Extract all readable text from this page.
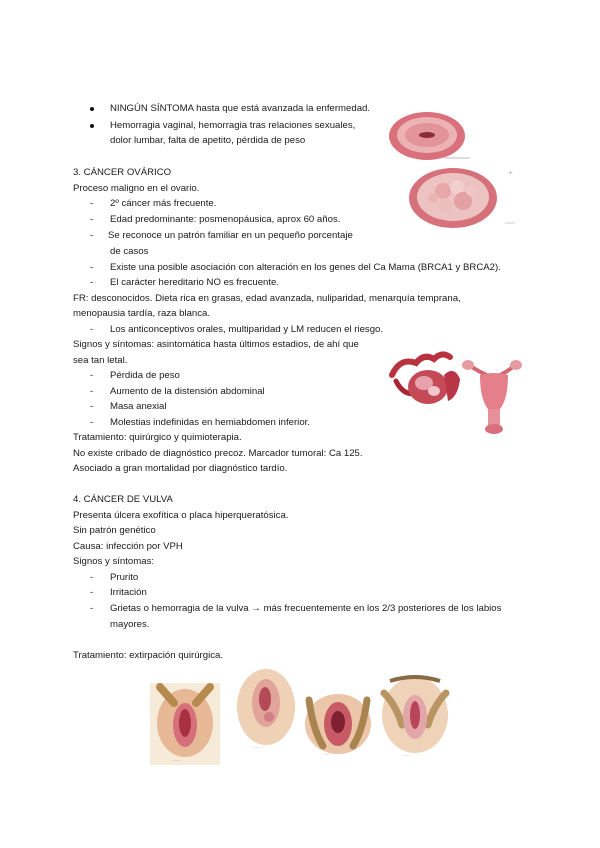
NINGÚN SÍNTOMA hasta que está avanzada la enfermedad.
Hemorragia vaginal, hemorragia tras relaciones sexuales,
dolor lumbar, falta de apetito, pérdida de peso
3. CÁNCER OVÁRICO
Proceso maligno en el ovario.
- 2º cáncer más frecuente.
- Edad predominante: posmenopáusica, aprox 60 años.
- Se reconoce un patrón familiar en un pequeño porcentaje
de casos
- Existe una posible asociación con alteración en los genes del Ca Mama (BRCA1 y BRCA2).
- El carácter hereditario NO es frecuente.
FR: desconocidos. Dieta rica en grasas, edad avanzada, nuliparidad, menarquía temprana,
menopausia tardía, raza blanca.
- Los anticonceptivos orales, multiparidad y LM reducen el riesgo.
Signos y síntomas: asintomática hasta últimos estadios, de ahí que
sea tan letal.
- Pérdida de peso
- Aumento de la distensión abdominal
- Masa anexial
- Molestias indefinidas en hemiabdomen inferior.
Tratamiento: quirúrgico y quimioterapia.
No existe cribado de diagnóstico precoz. Marcador tumoral: Ca 125.
Asociado a gran mortalidad por diagnóstico tardío.
4. CÁNCER DE VULVA
Presenta úlcera exofítica o placa hiperqueratósica.
Sin patrón genético
Causa: infección por VPH
Signos y síntomas:
- Prurito
- Irritación
- Grietas o hemorragia de la vulva → más frecuentemente en los 2/3 posteriores de los labios
mayores.
Tratamiento: extirpación quirúrgica.
+
·······
······
······	······
